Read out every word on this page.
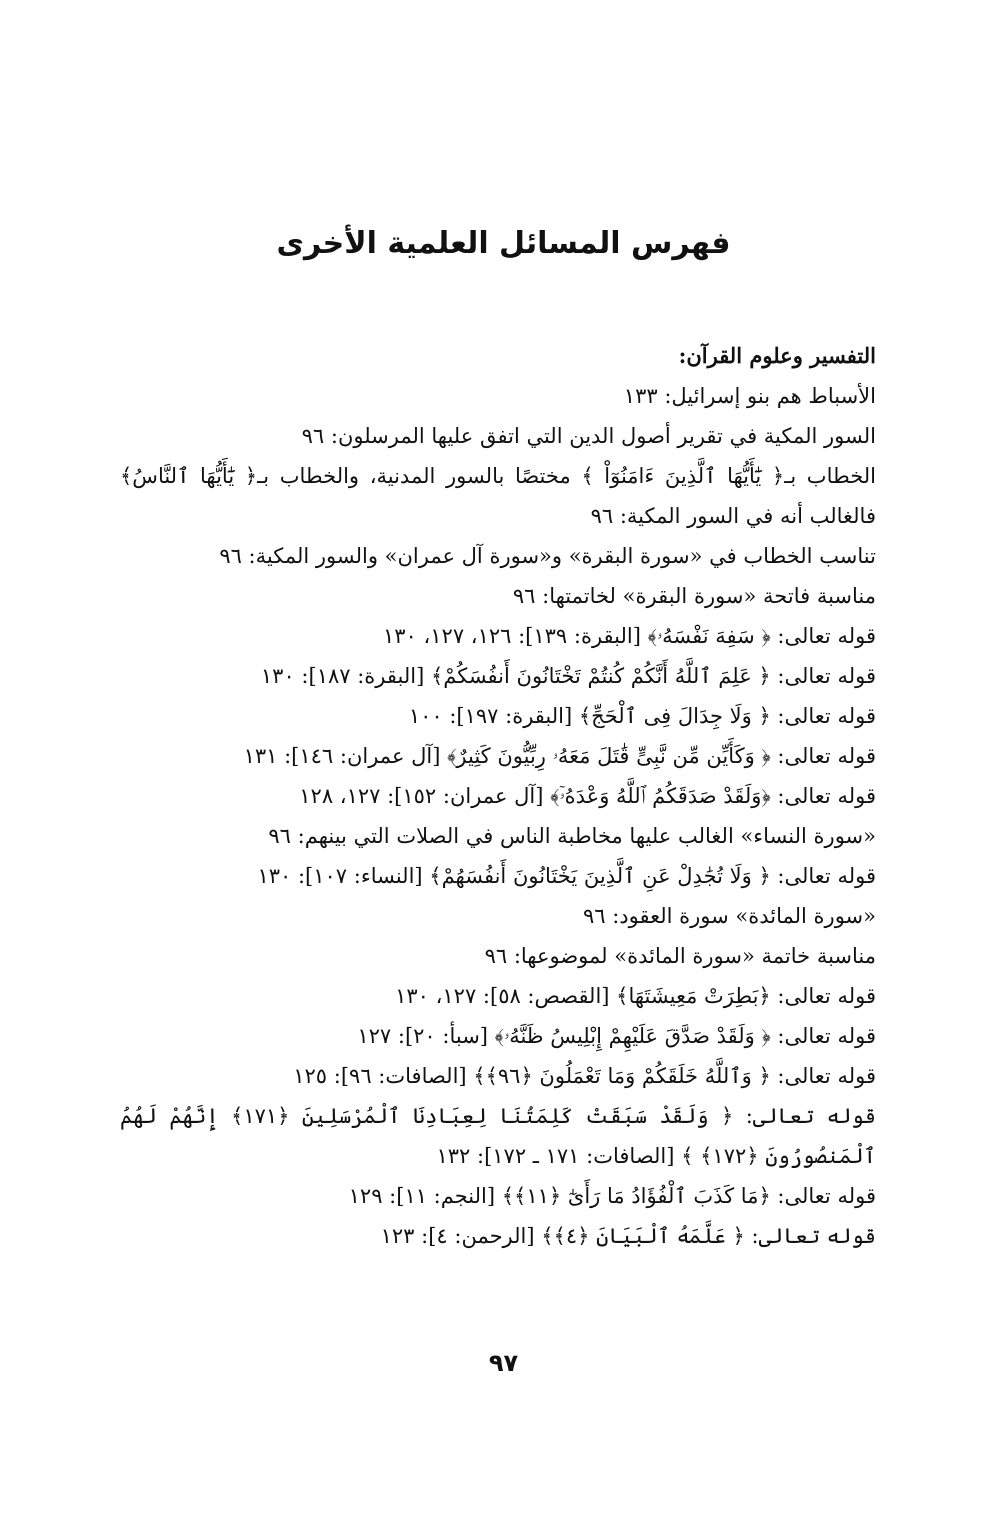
فهرس المسائل العلمية الأخرى
التفسير وعلوم القرآن:
الأسباط هم بنو إسرائيل: ١٣٣
السور المكية في تقرير أصول الدين التي اتفق عليها المرسلون: ٩٦
الخطاب بـ﴿ يَٰٓأَيُّهَا ٱلَّذِينَ ءَامَنُوٓاْ ﴾ مختصًا بالسور المدنية، والخطاب بـ﴿ يَٰٓأَيُّهَا ٱلنَّاسُ﴾ فالغالب أنه في السور المكية: ٩٦
تناسب الخطاب في «سورة البقرة» و«سورة آل عمران» والسور المكية: ٩٦
مناسبة فاتحة «سورة البقرة» لخاتمتها: ٩٦
قوله تعالى: ﴿ سَفِهَ نَفْسَهُۥ﴾ [البقرة: ١٣٩]: ١٢٦، ١٢٧، ١٣٠
قوله تعالى: ﴿ عَلِمَ ٱللَّهُ أَنَّكُمْ كُنتُمْ تَخْتَانُونَ أَنفُسَكُمْ﴾ [البقرة: ١٨٧]: ١٣٠
قوله تعالى: ﴿ وَلَا جِدَالَ فِى ٱلْحَجِّ﴾ [البقرة: ١٩٧]: ١٠٠
قوله تعالى: ﴿ وَكَأَيِّن مِّن نَّبِىٍّ قَٰتَلَ مَعَهُۥ رِبِّيُّونَ كَثِيرٌ﴾ [آل عمران: ١٤٦]: ١٣١
قوله تعالى: ﴿وَلَقَدْ صَدَقَكُمُ ٱللَّهُ وَعْدَهُۥٓ﴾ [آل عمران: ١٥٢]: ١٢٧، ١٢٨
«سورة النساء» الغالب عليها مخاطبة الناس في الصلات التي بينهم: ٩٦
قوله تعالى: ﴿ وَلَا تُجَٰدِلْ عَنِ ٱلَّذِينَ يَخْتَانُونَ أَنفُسَهُمْ﴾ [النساء: ١٠٧]: ١٣٠
«سورة المائدة» سورة العقود: ٩٦
مناسبة خاتمة «سورة المائدة» لموضوعها: ٩٦
قوله تعالى: ﴿بَطِرَتْ مَعِيشَتَهَا﴾ [القصص: ٥٨]: ١٢٧، ١٣٠
قوله تعالى: ﴿ وَلَقَدْ صَدَّقَ عَلَيْهِمْ إِبْلِيسُ ظَنَّهُۥ﴾ [سبأ: ٢٠]: ١٢٧
قوله تعالى: ﴿ وَٱللَّهُ خَلَقَكُمْ وَمَا تَعْمَلُونَ ﴿٩٦﴾﴾ [الصافات: ٩٦]: ١٢٥
قوله تعالى: ﴿ وَلَقَدْ سَبَقَتْ كَلِمَتُنَا لِعِبَادِنَا ٱلْمُرْسَلِينَ ﴿١٧١﴾ إِنَّهُمْ لَهُمُ ٱلْمَنصُورُونَ ﴿١٧٢﴾ ﴾ [الصافات: ١٧١ ـ ١٧٢]: ١٣٢
قوله تعالى: ﴿مَا كَذَبَ ٱلْفُؤَادُ مَا رَأَىٰٓ ﴿١١﴾﴾ [النجم: ١١]: ١٢٩
قوله تعالى: ﴿ عَلَّمَهُ ٱلْبَيَانَ ﴿٤﴾﴾ [الرحمن: ٤]: ١٢٣
٩٧
